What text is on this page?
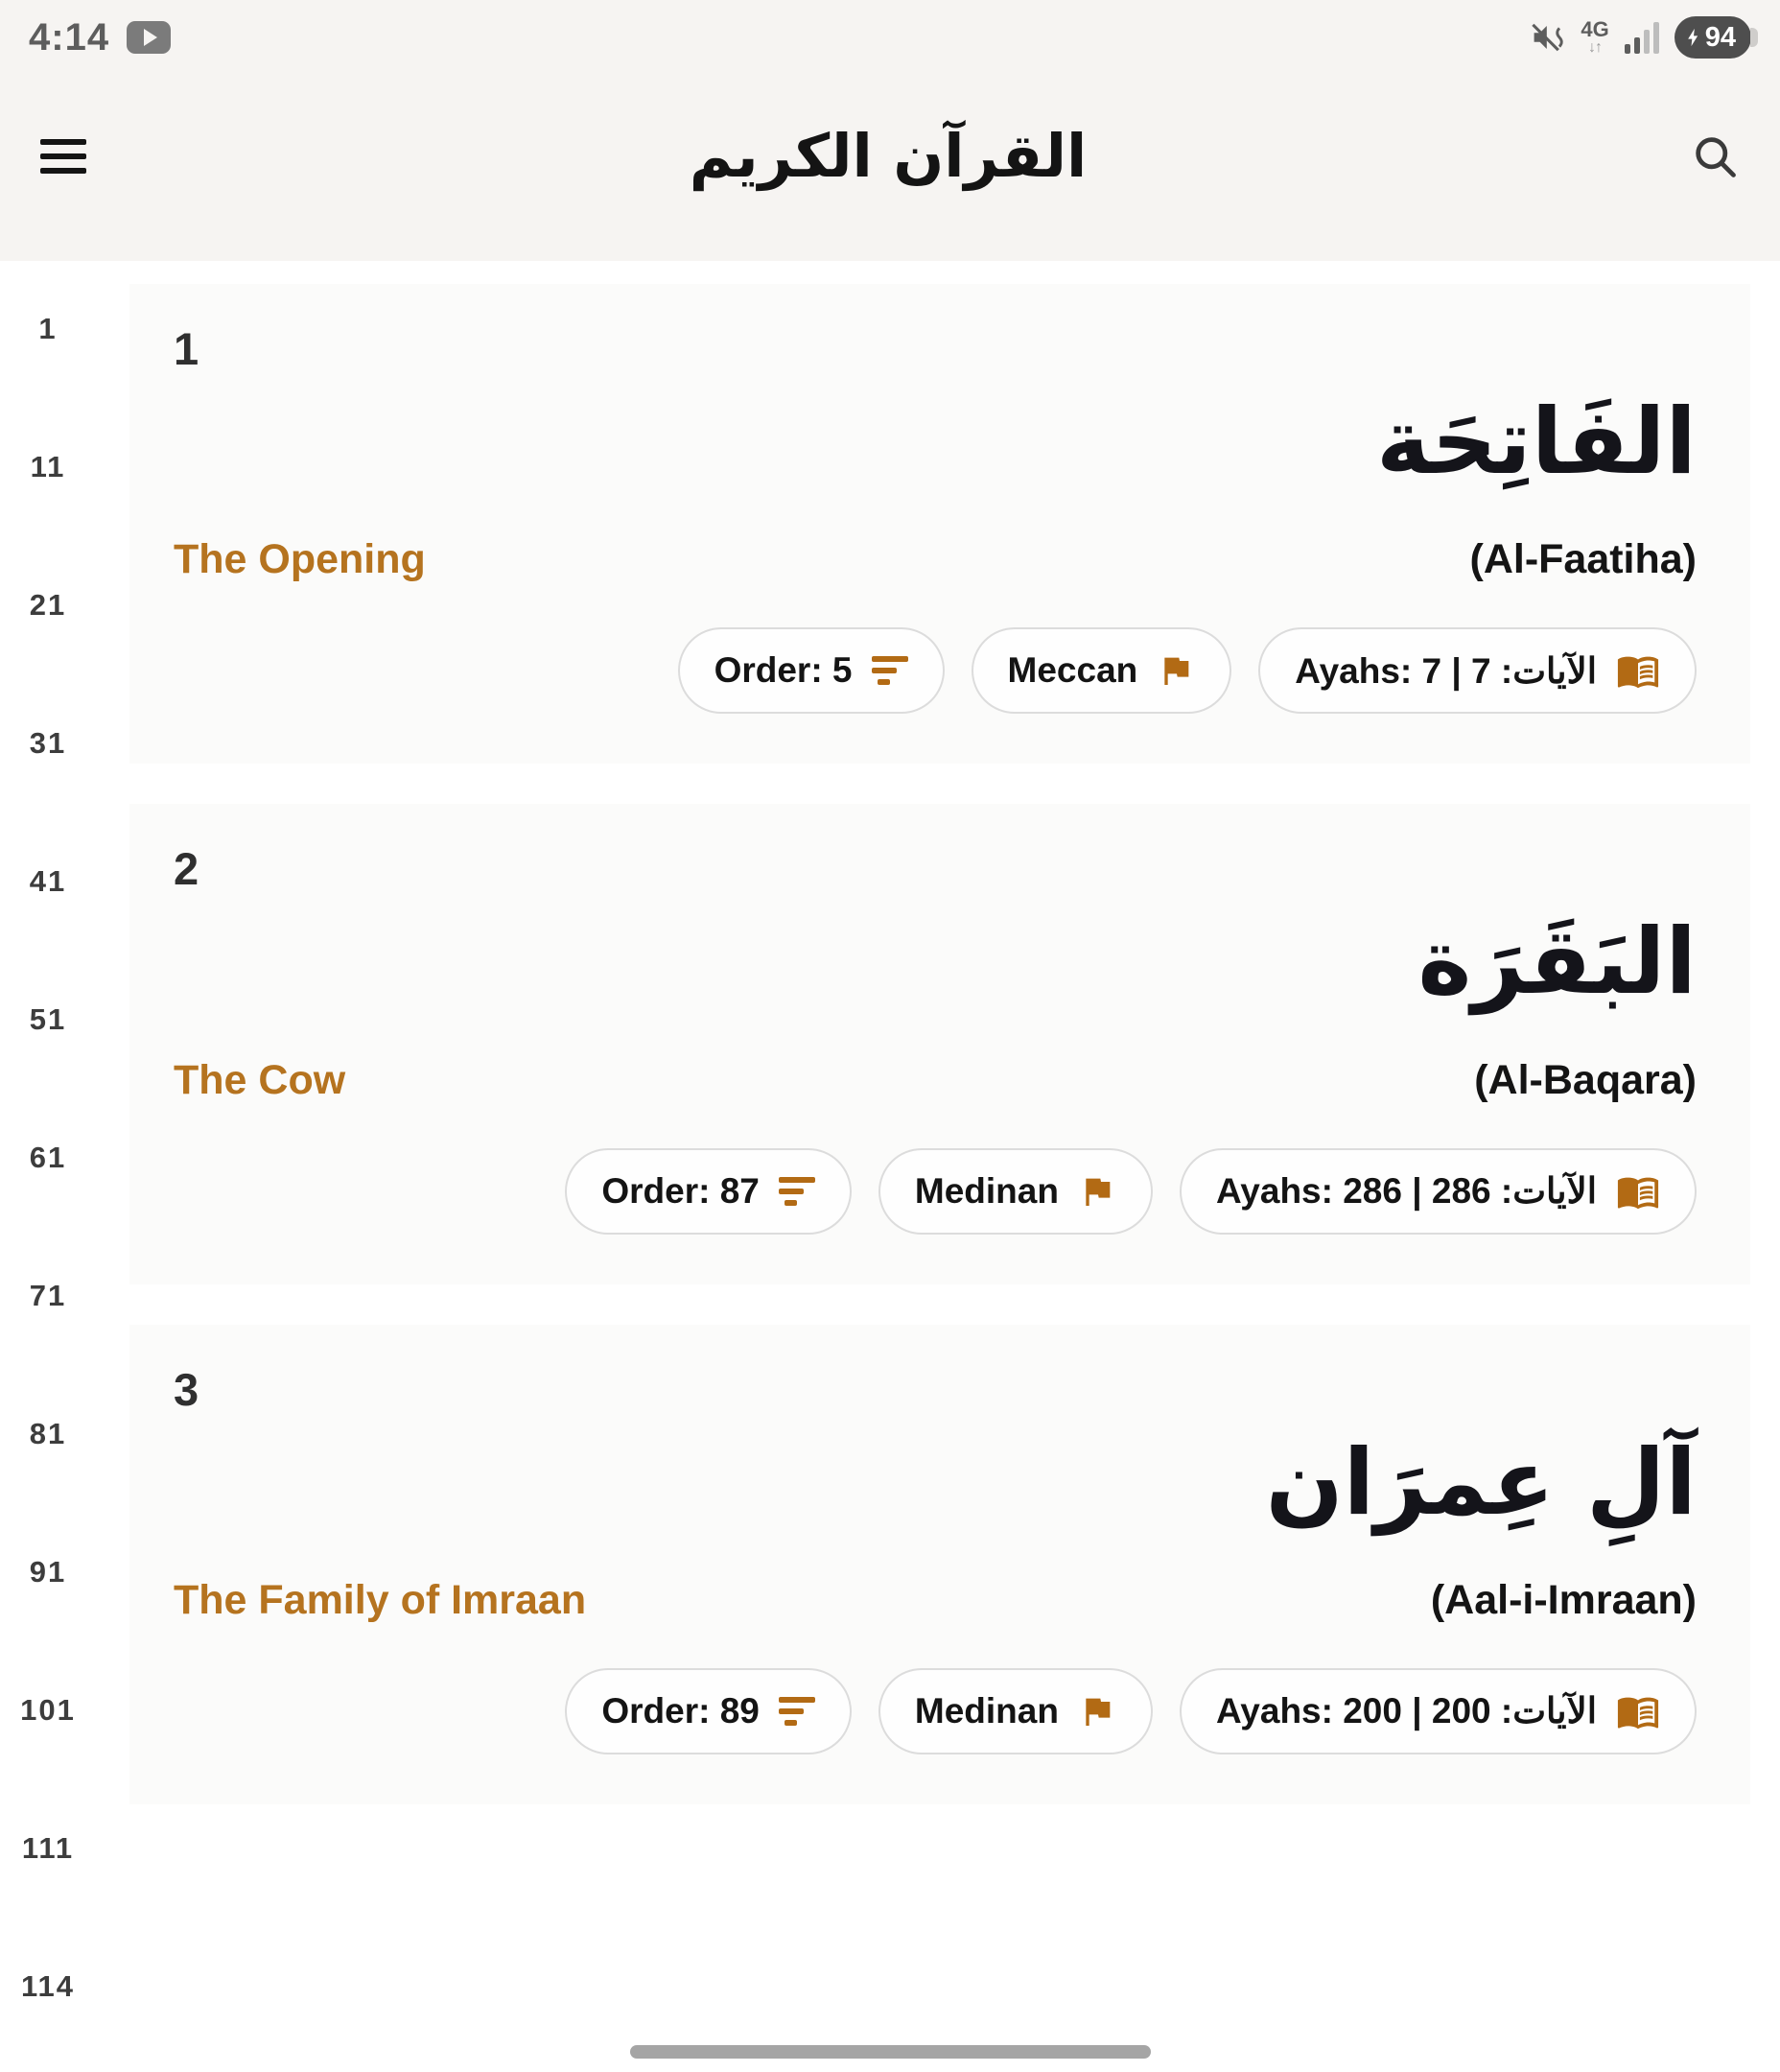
4:14	4G
↓↑	94
القرآن الكريم
1
11
21
31
41
51
61
71
81
91
101
111
114
1
الفَاتِحَة
The Opening	(Al-Faatiha)
Order: 5	Meccan	Ayahs: 7 | 7 :الآيات
2
البَقَرَة
The Cow	(Al-Baqara)
Order: 87	Medinan	Ayahs: 286 | 286 :الآيات
3
آلِ عِمرَان
The Family of Imraan	(Aal-i-Imraan)
Order: 89	Medinan	Ayahs: 200 | 200 :الآيات
